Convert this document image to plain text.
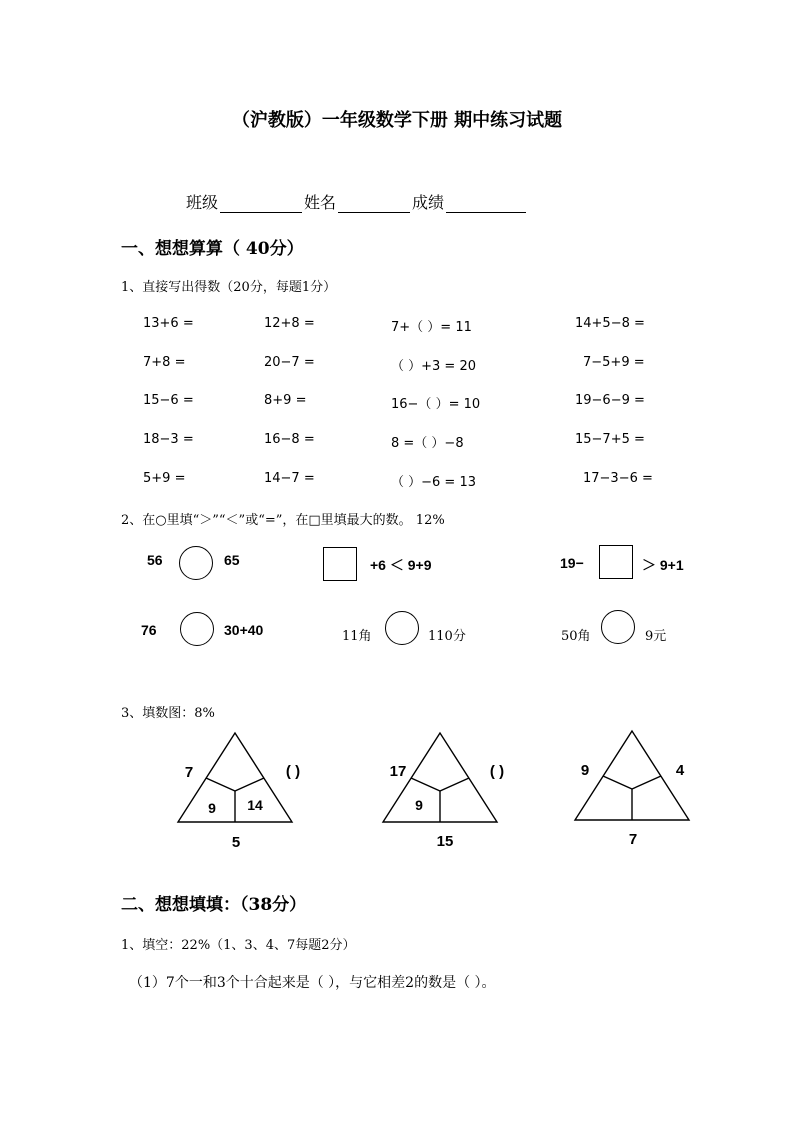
（沪教版）一年级数学下册 期中练习试题
班级	姓名	成绩
一、想想算算（ 40分）
1、直接写出得数（20分，每题1分）
13+6 =	12+8 =	7+（ ）= 11	14+5−8 =
7+8 =	20−7 =	（ ）+3 = 20	7−5+9 =
15−6 =	8+9 =	16−（ ）= 10	19−6−9 =
18−3 =	16−8 =	8 =（ ）−8	15−7+5 =
5+9 =	14−7 =	（ ）−6 = 13	17−3−6 =
2、在○里填“＞”“＜”或“=”，在□里填最大的数。 12%
56	65	+6 ＜ 9+9	19−	＞ 9+1
76	30+40	11角	110分	50角	9元
3、填数图：8%
7	( )
9 14
5
17	( )
9
15
9	4
7
二、想想填填：（38分）
1、填空：22%（1、3、4、7每题2分）
（1）7个一和3个十合起来是（ ），与它相差2的数是（ ）。
